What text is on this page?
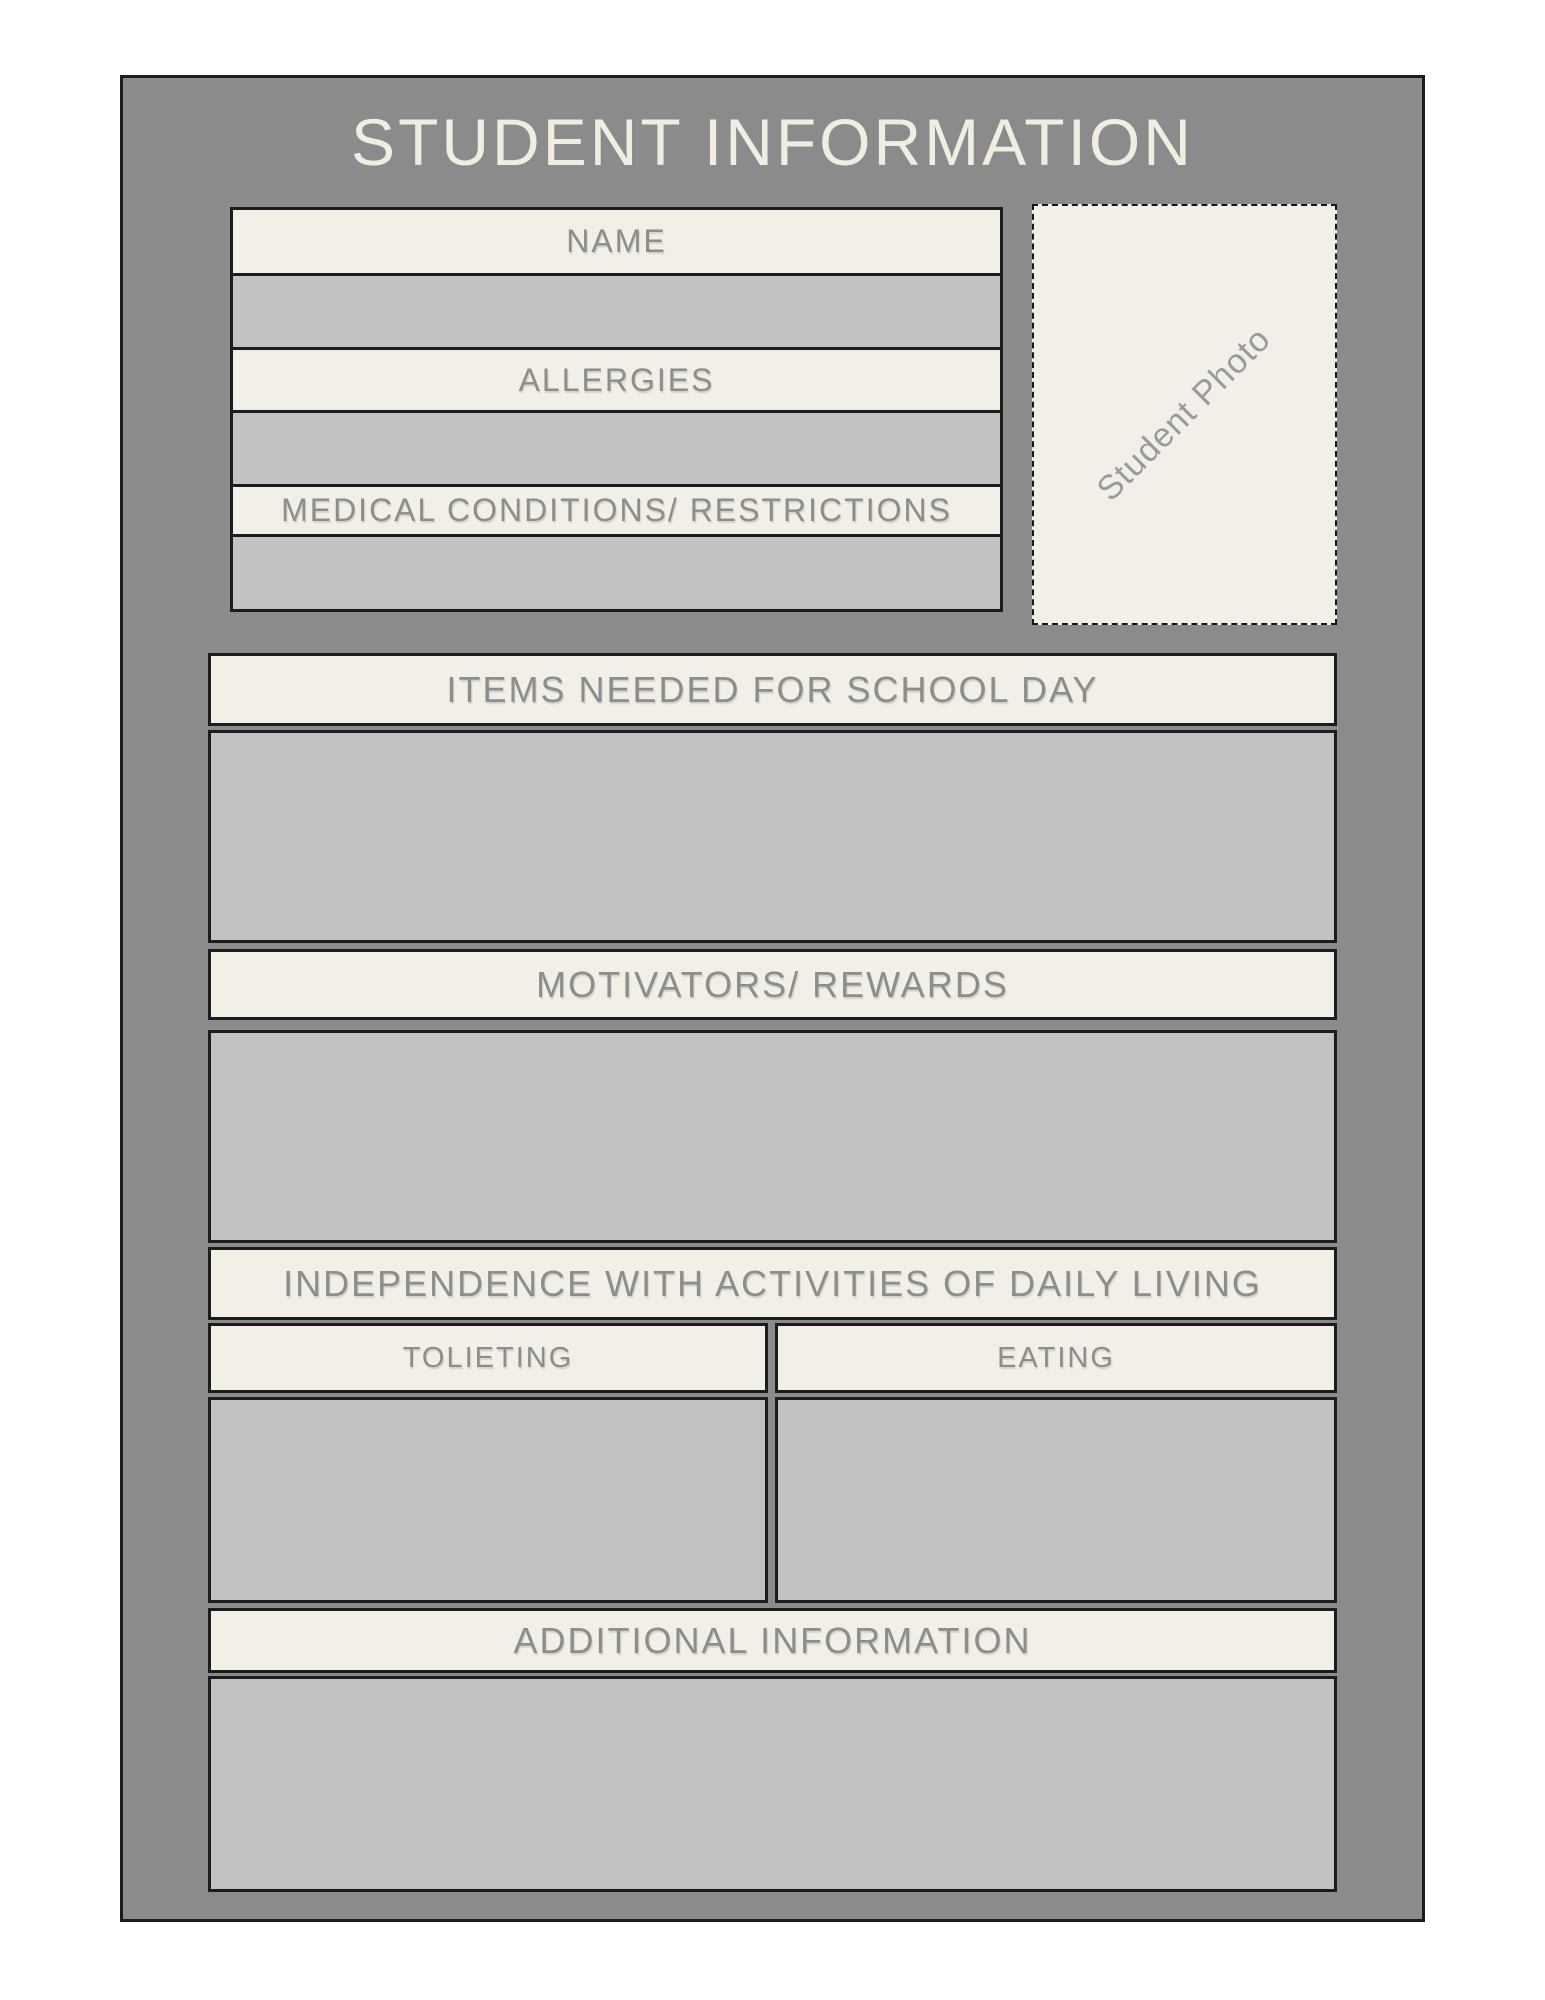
STUDENT INFORMATION
NAME
ALLERGIES
MEDICAL CONDITIONS/ RESTRICTIONS
Student Photo
ITEMS NEEDED FOR SCHOOL DAY
MOTIVATORS/ REWARDS
INDEPENDENCE WITH ACTIVITIES OF DAILY LIVING
TOLIETING	EATING
ADDITIONAL INFORMATION
